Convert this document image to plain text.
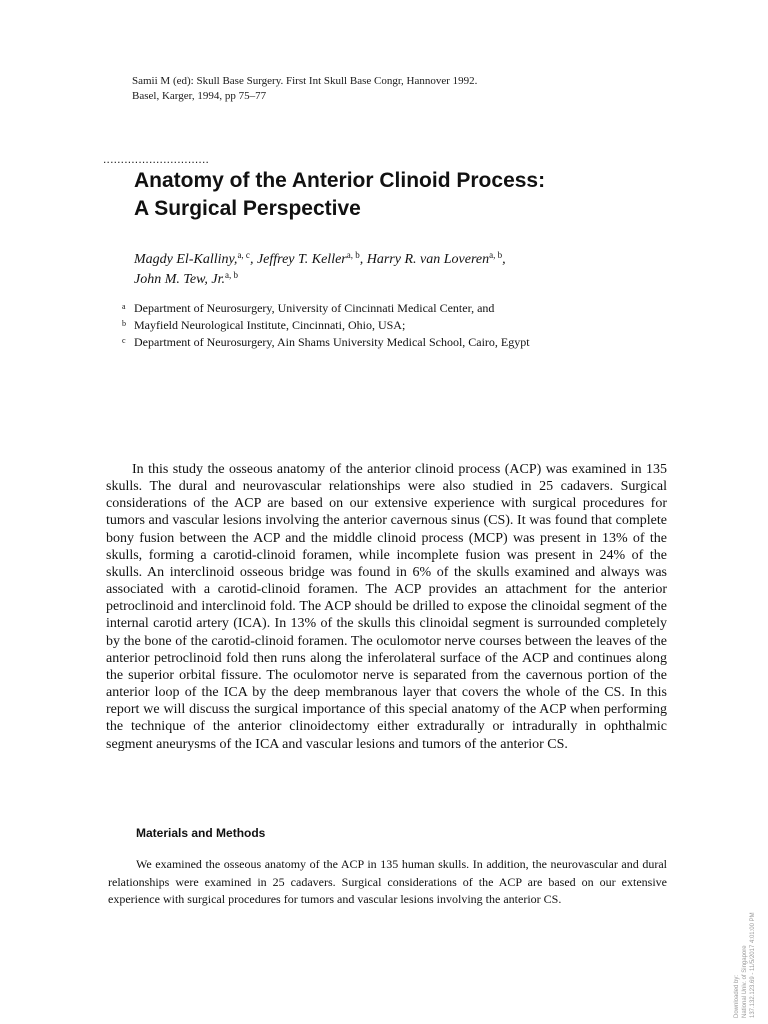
Samii M (ed): Skull Base Surgery. First Int Skull Base Congr, Hannover 1992.
Basel, Karger, 1994, pp 75–77
..............................
Anatomy of the Anterior Clinoid Process:
A Surgical Perspective
Magdy El-Kalliny,$^{a, c}$, Jeffrey T. Keller$^{a, b}$, Harry R. van Loveren$^{a, b}$,
John M. Tew, Jr.$^{a, b}$
a Department of Neurosurgery, University of Cincinnati Medical Center, and
b Mayfield Neurological Institute, Cincinnati, Ohio, USA;
c Department of Neurosurgery, Ain Shams University Medical School, Cairo, Egypt

In this study the osseous anatomy of the anterior clinoid process (ACP) was examined in 135 skulls. The dural and neurovascular relationships were also studied in 25 cadavers. Surgical considerations of the ACP are based on our extensive experience with surgical procedures for tumors and vascular lesions involving the anterior cavernous sinus (CS). It was found that complete bony fusion between the ACP and the middle clinoid process (MCP) was present in 13% of the skulls, forming a carotid-clinoid foramen, while incomplete fusion was present in 24% of the skulls. An interclinoid osseous bridge was found in 6% of the skulls examined and always was associated with a carotid-clinoid foramen. The ACP provides an attachment for the anterior petroclinoid and interclinoid fold. The ACP should be drilled to expose the clinoidal segment of the internal carotid artery (ICA). In 13% of the skulls this clinoidal segment is surrounded completely by the bone of the carotid-clinoid foramen. The oculomotor nerve courses between the leaves of the anterior petroclinoid fold then runs along the inferolateral surface of the ACP and continues along the superior orbital fissure. The oculomotor nerve is separated from the cavernous portion of the anterior loop of the ICA by the deep membranous layer that covers the whole of the CS. In this report we will discuss the surgical importance of this special anatomy of the ACP when performing the technique of the anterior clinoidectomy either extradurally or intradurally in ophthalmic segment aneurysms of the ICA and vascular lesions and tumors of the anterior CS.

Materials and Methods

We examined the osseous anatomy of the ACP in 135 human skulls. In addition, the neurovascular and dural relationships were examined in 25 cadavers. Surgical considerations of the ACP are based on our extensive experience with surgical procedures for tumors and vascular lesions involving the anterior CS.

Downloaded by: National Univ. of Singapore 137.132.123.69 - 11/5/2017 4:01:00 PM
